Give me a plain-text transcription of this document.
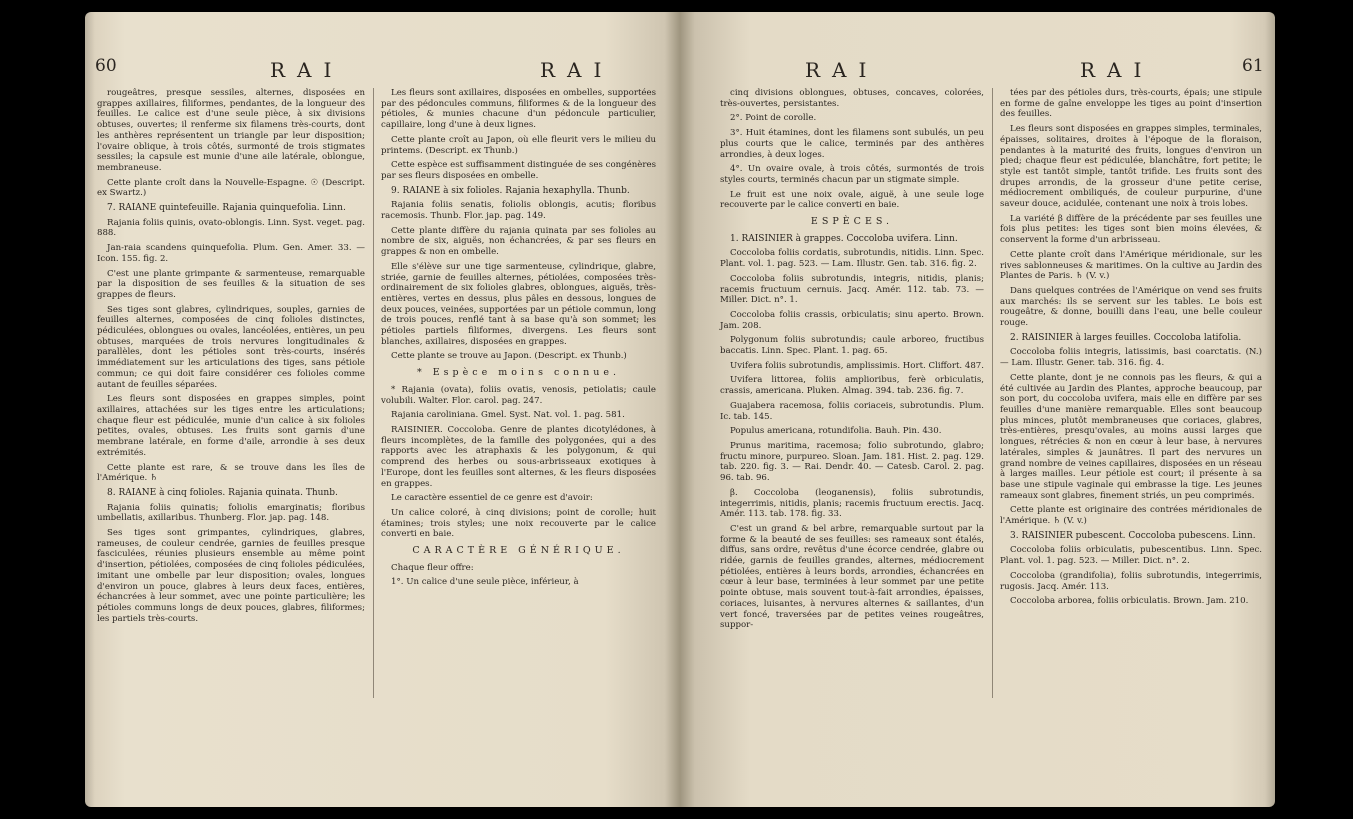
60	RAI	RAI

rougeâtres, presque sessiles, alternes, disposées en grappes axillaires, filiformes, pendantes, de la longueur des feuilles. Le calice est d'une seule pièce, à six divisions obtuses, ouvertes; il renferme six filamens très-courts, dont les anthères représentent un triangle par leur disposition; l'ovaire oblique, à trois côtés, surmonté de trois stigmates sessiles; la capsule est munie d'une aile latérale, oblongue, membraneuse.

Cette plante croît dans la Nouvelle-Espagne. ☉ (Descript. ex Swartz.)

7. RAIANE quintefeuille. Rajania quinquefolia. Linn.

Rajania foliis quinis, ovato-oblongis. Linn. Syst. veget. pag. 888.

Jan-raia scandens quinquefolia. Plum. Gen. Amer. 33. — Icon. 155. fig. 2.

C'est une plante grimpante & sarmenteuse, remarquable par la disposition de ses feuilles & la situation de ses grappes de fleurs.

Ses tiges sont glabres, cylindriques, souples, garnies de feuilles alternes, composées de cinq folioles distinctes, pédiculées, oblongues ou ovales, lancéolées, entières, un peu obtuses, marquées de trois nervures longitudinales & parallèles, dont les pétioles sont très-courts, insérés immédiatement sur les articulations des tiges, sans pétiole commun; ce qui doit faire considérer ces folioles comme autant de feuilles séparées.

Les fleurs sont disposées en grappes simples, point axillaires, attachées sur les tiges entre les articulations; chaque fleur est pédiculée, munie d'un calice à six folioles petites, ovales, obtuses. Les fruits sont garnis d'une membrane latérale, en forme d'aile, arrondie à ses deux extrémités.

Cette plante est rare, & se trouve dans les îles de l'Amérique. ♄

8. RAIANE à cinq folioles. Rajania quinata. Thunb.

Rajania foliis quinatis; foliolis emarginatis; floribus umbellatis, axillaribus. Thunberg. Flor. jap. pag. 148.

Ses tiges sont grimpantes, cylindriques, glabres, rameuses, de couleur cendrée, garnies de feuilles presque fasciculées, réunies plusieurs ensemble au même point d'insertion, pétiolées, composées de cinq folioles pédiculées, imitant une ombelle par leur disposition; ovales, longues d'environ un pouce, glabres à leurs deux faces, entières, échancrées à leur sommet, avec une pointe particulière; les pétioles communs longs de deux pouces, glabres, filiformes; les partiels très-courts.

Les fleurs sont axillaires, disposées en ombelles, supportées par des pédoncules communs, filiformes & de la longueur des pétioles, & munies chacune d'un pédoncule particulier, capillaire, long d'une à deux lignes.

Cette plante croît au Japon, où elle fleurit vers le milieu du printems. (Descript. ex Thunb.)

Cette espèce est suffisamment distinguée de ses congénères par ses fleurs disposées en ombelle.

9. RAIANE à six folioles. Rajania hexaphylla. Thunb.

Rajania foliis senatis, foliolis oblongis, acutis; floribus racemosis. Thunb. Flor. jap. pag. 149.

Cette plante diffère du rajania quinata par ses folioles au nombre de six, aiguës, non échancrées, & par ses fleurs en grappes & non en ombelle.

Elle s'élève sur une tige sarmenteuse, cylindrique, glabre, striée, garnie de feuilles alternes, pétiolées, composées très-ordinairement de six folioles glabres, oblongues, aiguës, très-entières, vertes en dessus, plus pâles en dessous, longues de deux pouces, veinées, supportées par un pétiole commun, long de trois pouces, renflé tant à sa base qu'à son sommet; les pétioles partiels filiformes, divergens. Les fleurs sont blanches, axillaires, disposées en grappes.

Cette plante se trouve au Japon. (Descript. ex Thunb.)

* Espèce moins connue.

* Rajania (ovata), foliis ovatis, venosis, petiolatis; caule volubili. Walter. Flor. carol. pag. 247.

Rajania caroliniana. Gmel. Syst. Nat. vol. 1. pag. 581.

RAISINIER. Coccoloba. Genre de plantes dicotylédones, à fleurs incomplètes, de la famille des polygonées, qui a des rapports avec les atraphaxis & les polygonum, & qui comprend des herbes ou sous-arbrisseaux exotiques à l'Europe, dont les feuilles sont alternes, & les fleurs disposées en grappes.

Le caractère essentiel de ce genre est d'avoir:

Un calice coloré, à cinq divisions; point de corolle; huit étamines; trois styles; une noix recouverte par le calice converti en baie.

CARACTÈRE GÉNÉRIQUE.

Chaque fleur offre:

1°. Un calice d'une seule pièce, inférieur, à

RAI	RAI	61

cinq divisions oblongues, obtuses, concaves, colorées, très-ouvertes, persistantes.

2°. Point de corolle.

3°. Huit étamines, dont les filamens sont subulés, un peu plus courts que le calice, terminés par des anthères arrondies, à deux loges.

4°. Un ovaire ovale, à trois côtés, surmontés de trois styles courts, terminés chacun par un stigmate simple.

Le fruit est une noix ovale, aiguë, à une seule loge recouverte par le calice converti en baie.

ESPÈCES.

1. RAISINIER à grappes. Coccoloba uvifera. Linn.

Coccoloba foliis cordatis, subrotundis, nitidis. Linn. Spec. Plant. vol. 1. pag. 523. — Lam. Illustr. Gen. tab. 316. fig. 2.

Coccoloba foliis subrotundis, integris, nitidis, planis; racemis fructuum cernuis. Jacq. Amér. 112. tab. 73. — Miller. Dict. n°. 1.

Coccoloba foliis crassis, orbiculatis; sinu aperto. Brown. Jam. 208.

Polygonum foliis subrotundis; caule arboreo, fructibus baccatis. Linn. Spec. Plant. 1. pag. 65.

Uvifera foliis subrotundis, amplissimis. Hort. Cliffort. 487.

Uvifera littorea, foliis amplioribus, ferè orbiculatis, crassis, americana. Pluken. Almag. 394. tab. 236. fig. 7.

Guajabera racemosa, foliis coriaceis, subrotundis. Plum. Ic. tab. 145.

Populus americana, rotundifolia. Bauh. Pin. 430.

Prunus maritima, racemosa; folio subrotundo, glabro; fructu minore, purpureo. Sloan. Jam. 181. Hist. 2. pag. 129. tab. 220. fig. 3. — Rai. Dendr. 40. — Catesb. Carol. 2. pag. 96. tab. 96.

β. Coccoloba (leoganensis), foliis subrotundis, integerrimis, nitidis, planis; racemis fructuum erectis. Jacq. Amér. 113. tab. 178. fig. 33.

C'est un grand & bel arbre, remarquable surtout par la forme & la beauté de ses feuilles: ses rameaux sont étalés, diffus, sans ordre, revêtus d'une écorce cendrée, glabre ou ridée, garnis de feuilles grandes, alternes, médiocrement pétiolées, entières à leurs bords, arrondies, échancrées en cœur à leur base, terminées à leur sommet par une petite pointe obtuse, mais souvent tout-à-fait arrondies, épaisses, coriaces, luisantes, à nervures alternes & saillantes, d'un vert foncé, traversées par de petites veines rougeâtres, suppor-

tées par des pétioles durs, très-courts, épais; une stipule en forme de gaîne enveloppe les tiges au point d'insertion des feuilles.

Les fleurs sont disposées en grappes simples, terminales, épaisses, solitaires, droites à l'époque de la floraison, pendantes à la maturité des fruits, longues d'environ un pied; chaque fleur est pédiculée, blanchâtre, fort petite; le style est tantôt simple, tantôt trifide. Les fruits sont des drupes arrondis, de la grosseur d'une petite cerise, médiocrement ombiliqués, de couleur purpurine, d'une saveur douce, acidulée, contenant une noix à trois lobes.

La variété β diffère de la précédente par ses feuilles une fois plus petites: les tiges sont bien moins élevées, & conservent la forme d'un arbrisseau.

Cette plante croît dans l'Amérique méridionale, sur les rives sablonneuses & maritimes. On la cultive au Jardin des Plantes de Paris. ♄ (V. v.)

Dans quelques contrées de l'Amérique on vend ses fruits aux marchés: ils se servent sur les tables. Le bois est rougeâtre, & donne, bouilli dans l'eau, une belle couleur rouge.

2. RAISINIER à larges feuilles. Coccoloba latifolia.

Coccoloba foliis integris, latissimis, basi coarctatis. (N.) — Lam. Illustr. Gener. tab. 316. fig. 4.

Cette plante, dont je ne connois pas les fleurs, & qui a été cultivée au Jardin des Plantes, approche beaucoup, par son port, du coccoloba uvifera, mais elle en diffère par ses feuilles d'une manière remarquable. Elles sont beaucoup plus minces, plutôt membraneuses que coriaces, glabres, très-entières, presqu'ovales, au moins aussi larges que longues, rétrécies & non en cœur à leur base, à nervures latérales, simples & jaunâtres. Il part des nervures un grand nombre de veines capillaires, disposées en un réseau à larges mailles. Leur pétiole est court; il présente à sa base une stipule vaginale qui embrasse la tige. Les jeunes rameaux sont glabres, finement striés, un peu comprimés.

Cette plante est originaire des contrées méridionales de l'Amérique. ♄ (V. v.)

3. RAISINIER pubescent. Coccoloba pubescens. Linn.

Coccoloba foliis orbiculatis, pubescentibus. Linn. Spec. Plant. vol. 1. pag. 523. — Miller. Dict. n°. 2.

Coccoloba (grandifolia), foliis subrotundis, integerrimis, rugosis. Jacq. Amér. 113.

Coccoloba arborea, foliis orbiculatis. Brown. Jam. 210.
